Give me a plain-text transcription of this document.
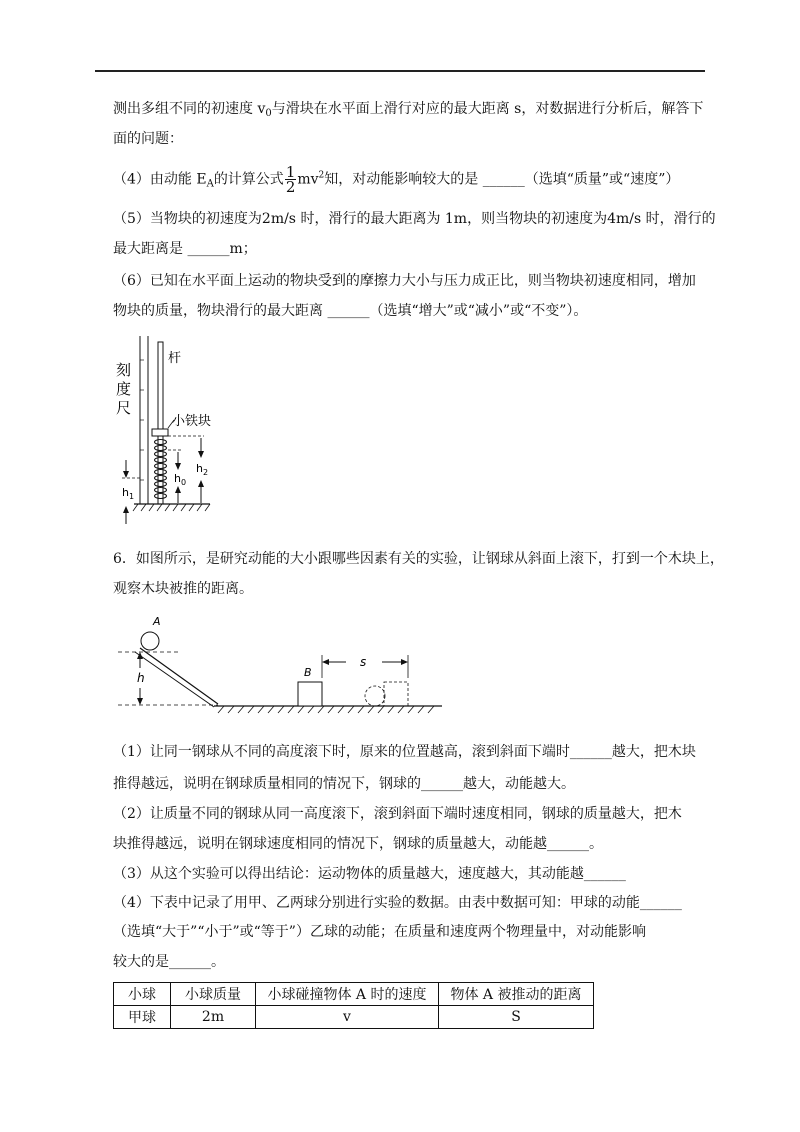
测出多组不同的初速度 $v_0$与滑块在水平面上滑行对应的最大距离 s，对数据进行分析后，解答下
面的问题：
（4）由动能 $E_A$的计算公式 $\frac{1}{2} mv^2$知，对动能影响较大的是 ______（选填“质量”或“速度”）
（5）当物块的初速度为2m/s 时，滑行的最大距离为 1m，则当物块的初速度为4m/s 时，滑行的
最大距离是 ______m；
（6）已知在水平面上运动的物块受到的摩擦力大小与压力成正比，则当物块初速度相同，增加
物块的质量，物块滑行的最大距离 ______（选填“增大”或“减小”或“不变”）。
刻
度
尺
杆
小铁块
$h_1$
$h_0$
$h_2$
6．如图所示，是研究动能的大小跟哪些因素有关的实验，让钢球从斜面上滚下，打到一个木块上，
观察木块被推的距离。
A
h	B
s
（1）让同一钢球从不同的高度滚下时，原来的位置越高，滚到斜面下端时______越大，把木块
推得越远，说明在钢球质量相同的情况下，钢球的______越大，动能越大。
（2）让质量不同的钢球从同一高度滚下，滚到斜面下端时速度相同，钢球的质量越大，把木
块推得越远，说明在钢球速度相同的情况下，钢球的质量越大，动能越______。
（3）从这个实验可以得出结论：运动物体的质量越大，速度越大，其动能越______
（4）下表中记录了用甲、乙两球分别进行实验的数据。由表中数据可知：甲球的动能______
（选填“大于”“小于”或“等于”）乙球的动能；在质量和速度两个物理量中，对动能影响
较大的是______。
小球	小球质量	小球碰撞物体 A 时的速度	物体 A 被推动的距离
甲球	2m	v	S
